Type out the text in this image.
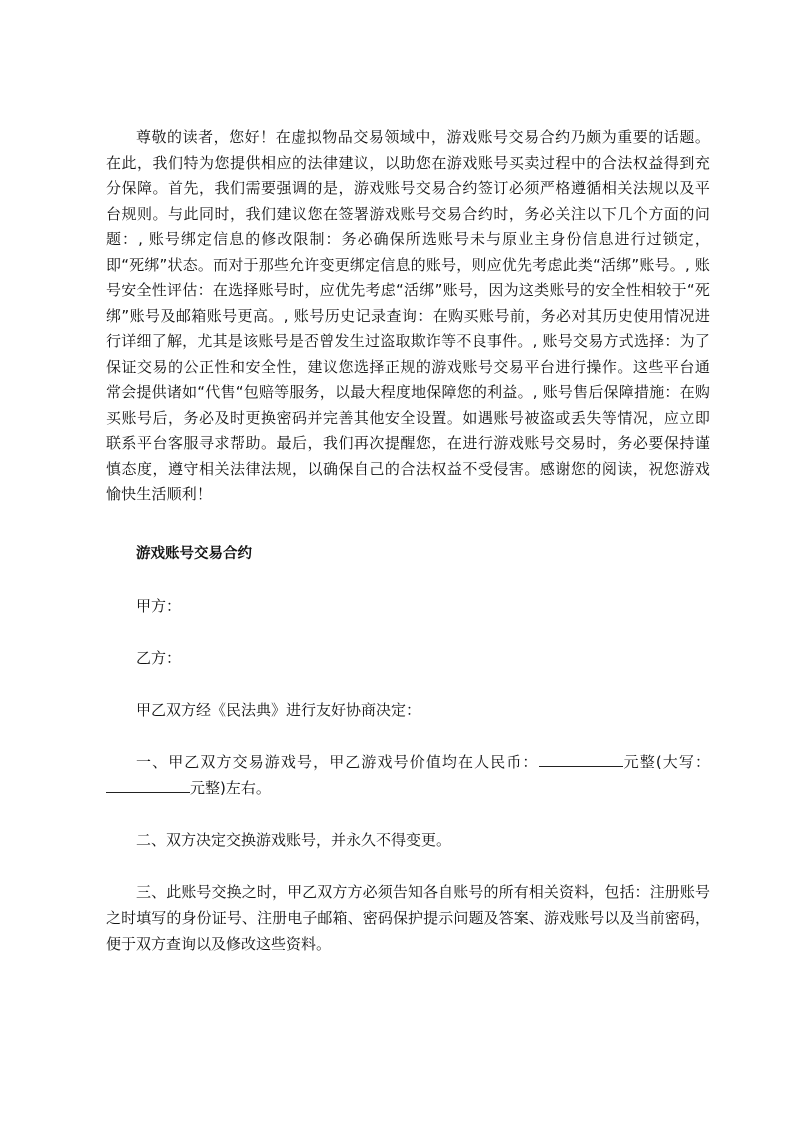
尊敬的读者，您好！在虚拟物品交易领域中，游戏账号交易合约乃颇为重要的话题。在此，我们特为您提供相应的法律建议，以助您在游戏账号买卖过程中的合法权益得到充分保障。首先，我们需要强调的是，游戏账号交易合约签订必须严格遵循相关法规以及平台规则。与此同时，我们建议您在签署游戏账号交易合约时，务必关注以下几个方面的问题：, 账号绑定信息的修改限制：务必确保所选账号未与原业主身份信息进行过锁定，即“死绑”状态。而对于那些允许变更绑定信息的账号，则应优先考虑此类“活绑”账号。, 账号安全性评估：在选择账号时，应优先考虑“活绑”账号，因为这类账号的安全性相较于“死绑”账号及邮箱账号更高。, 账号历史记录查询：在购买账号前，务必对其历史使用情况进行详细了解，尤其是该账号是否曾发生过盗取欺诈等不良事件。, 账号交易方式选择：为了保证交易的公正性和安全性，建议您选择正规的游戏账号交易平台进行操作。这些平台通常会提供诸如“代售“包赔等服务，以最大程度地保障您的利益。, 账号售后保障措施：在购买账号后，务必及时更换密码并完善其他安全设置。如遇账号被盗或丢失等情况，应立即联系平台客服寻求帮助。最后，我们再次提醒您，在进行游戏账号交易时，务必要保持谨慎态度，遵守相关法律法规，以确保自己的合法权益不受侵害。感谢您的阅读，祝您游戏愉快生活顺利！

游戏账号交易合约

甲方：

乙方：

甲乙双方经《民法典》进行友好协商决定：

一、甲乙双方交易游戏号，甲乙游戏号价值均在人民币：	元整(大写：元整)左右。

二、双方决定交换游戏账号，并永久不得变更。

三、此账号交换之时，甲乙双方方必须告知各自账号的所有相关资料，包括：注册账号之时填写的身份证号、注册电子邮箱、密码保护提示问题及答案、游戏账号以及当前密码，便于双方查询以及修改这些资料。
